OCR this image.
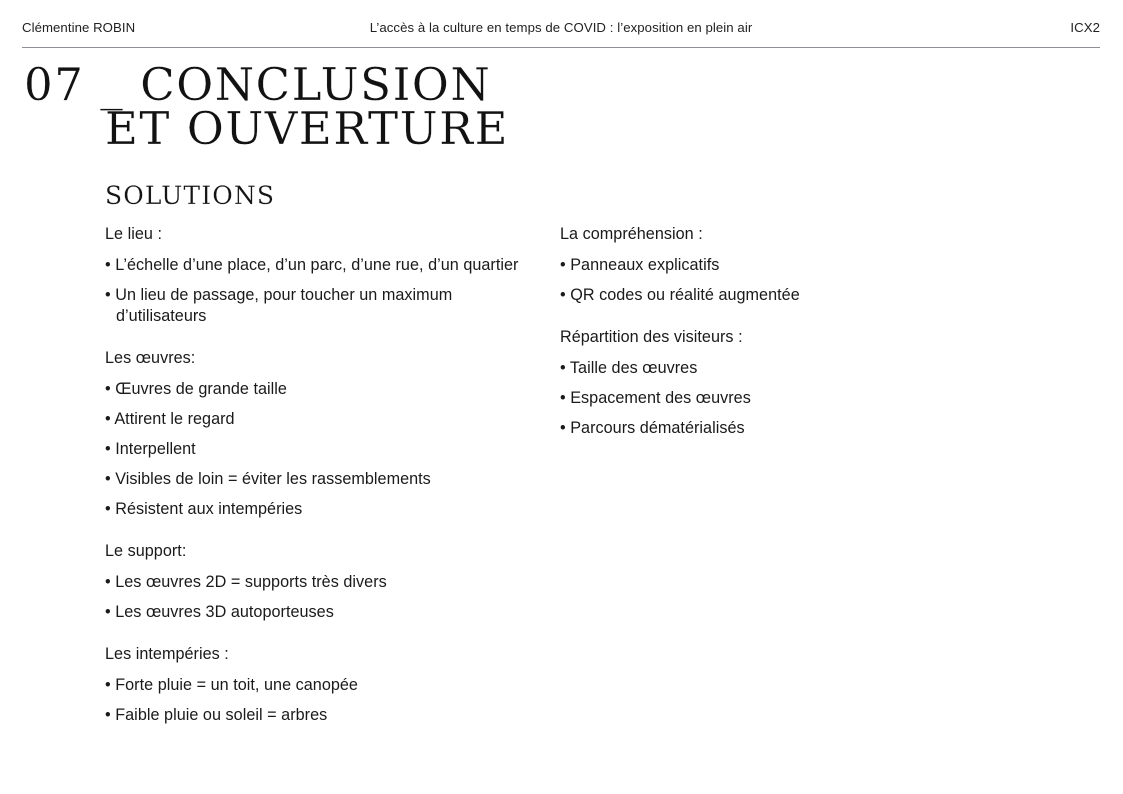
Clémentine ROBIN	L’accès à la culture en temps de COVID : l’exposition en plein air	ICX2
07 _ CONCLUSION
ET OUVERTURE
SOLUTIONS

Le lieu :

• L’échelle d’une place, d’un parc, d’une rue, d’un quartier
• Un lieu de passage, pour toucher un maximum d’utilisateurs

Les œuvres:

• Œuvres de grande taille
• Attirent le regard
• Interpellent
• Visibles de loin = éviter les rassemblements
• Résistent aux intempéries

Le support:

• Les œuvres 2D = supports très divers
• Les œuvres 3D autoporteuses

Les intempéries :

• Forte pluie = un toit, une canopée
• Faible pluie ou soleil = arbres

La compréhension :

• Panneaux explicatifs
• QR codes ou réalité augmentée

Répartition des visiteurs :

• Taille des œuvres
• Espacement des œuvres
• Parcours dématérialisés
